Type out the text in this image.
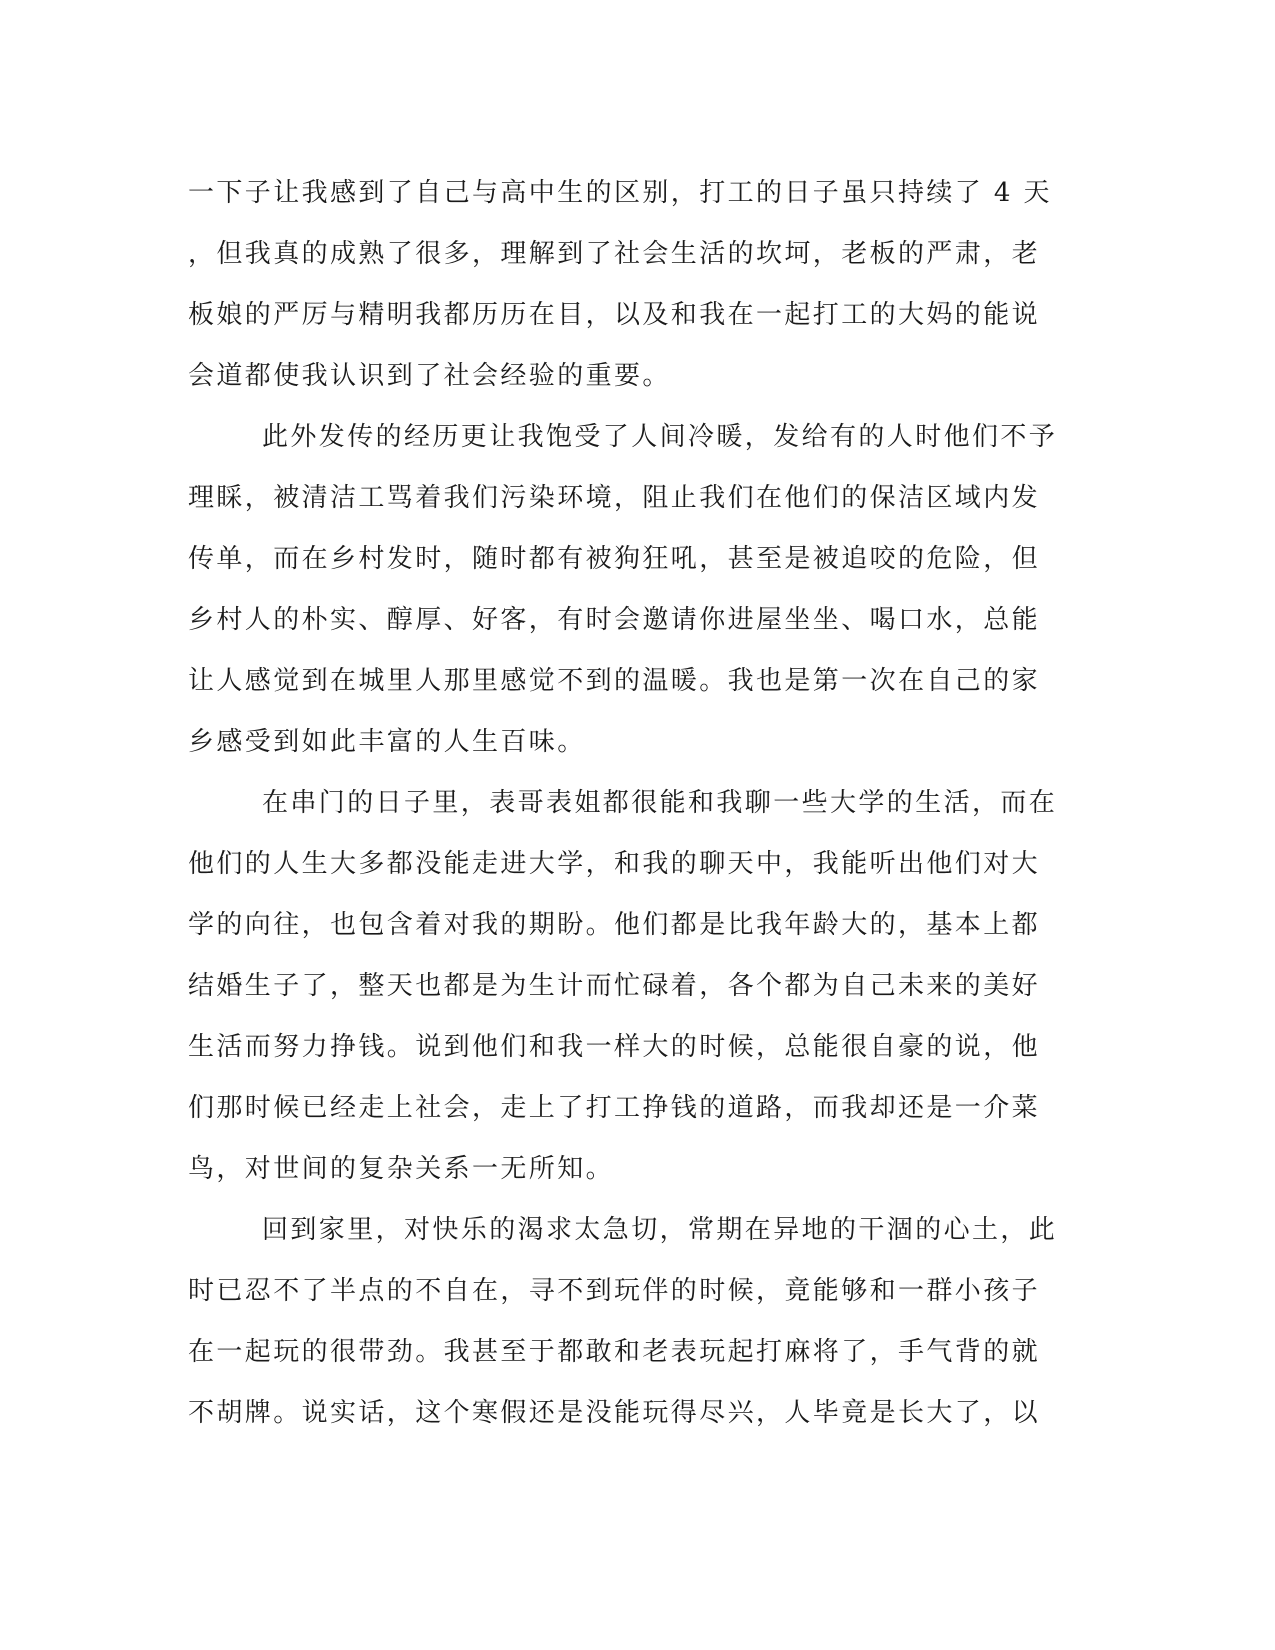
一下子让我感到了自己与高中生的区别，打工的日子虽只持续了 4 天
，但我真的成熟了很多，理解到了社会生活的坎坷，老板的严肃，老
板娘的严厉与精明我都历历在目，以及和我在一起打工的大妈的能说
会道都使我认识到了社会经验的重要。
此外发传的经历更让我饱受了人间冷暖，发给有的人时他们不予
理睬，被清洁工骂着我们污染环境，阻止我们在他们的保洁区域内发
传单，而在乡村发时，随时都有被狗狂吼，甚至是被追咬的危险，但
乡村人的朴实、醇厚、好客，有时会邀请你进屋坐坐、喝口水，总能
让人感觉到在城里人那里感觉不到的温暖。我也是第一次在自己的家
乡感受到如此丰富的人生百味。
在串门的日子里，表哥表姐都很能和我聊一些大学的生活，而在
他们的人生大多都没能走进大学，和我的聊天中，我能听出他们对大
学的向往，也包含着对我的期盼。他们都是比我年龄大的，基本上都
结婚生子了，整天也都是为生计而忙碌着，各个都为自己未来的美好
生活而努力挣钱。说到他们和我一样大的时候，总能很自豪的说，他
们那时候已经走上社会，走上了打工挣钱的道路，而我却还是一介菜
鸟，对世间的复杂关系一无所知。
回到家里，对快乐的渴求太急切，常期在异地的干涸的心土，此
时已忍不了半点的不自在，寻不到玩伴的时候，竟能够和一群小孩子
在一起玩的很带劲。我甚至于都敢和老表玩起打麻将了，手气背的就
不胡牌。说实话，这个寒假还是没能玩得尽兴，人毕竟是长大了，以
